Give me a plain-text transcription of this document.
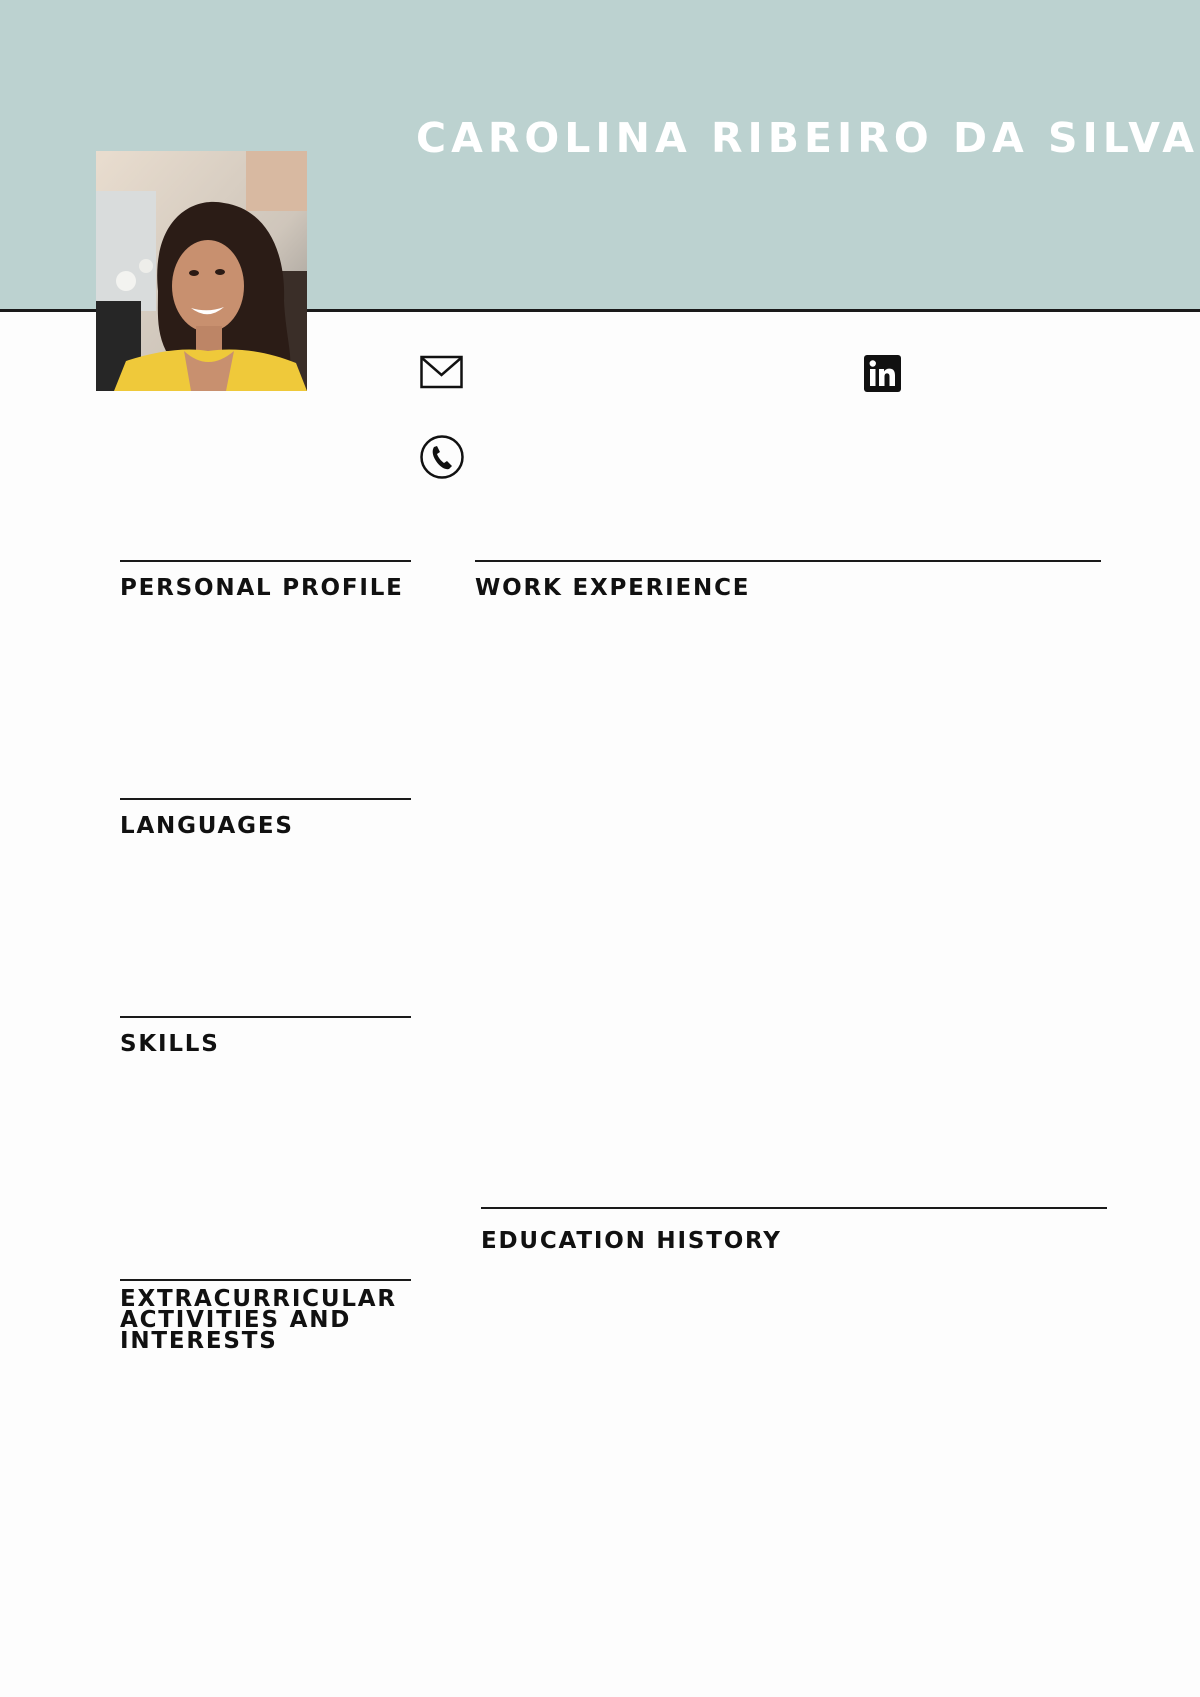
CAROLINA RIBEIRO DA SILVA
PERSONAL PROFILE
LANGUAGES
SKILLS
EXTRACURRICULAR ACTIVITIES AND INTERESTS
WORK EXPERIENCE
EDUCATION HISTORY
